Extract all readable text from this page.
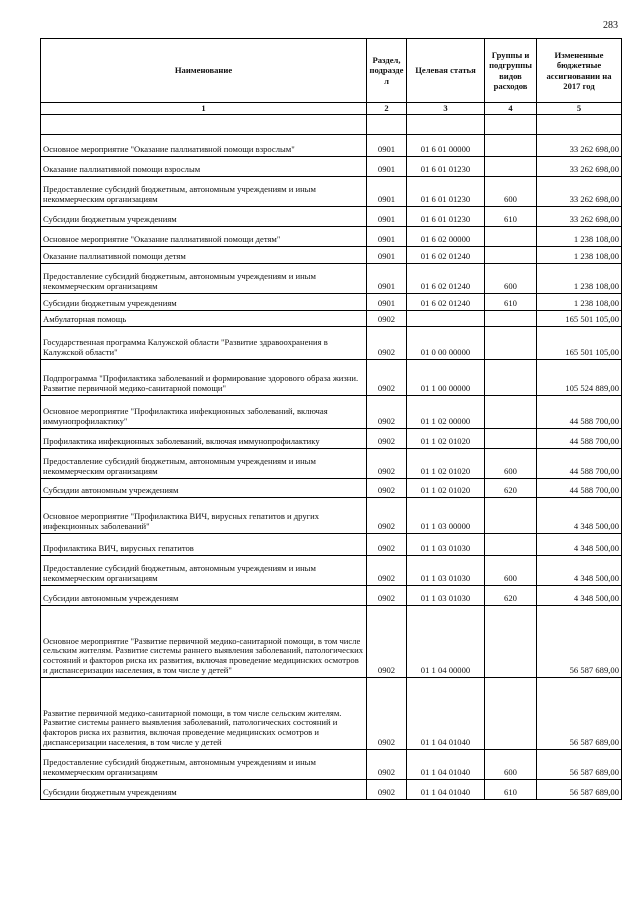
283
Наименование	Раздел, подразде л	Целевая статья	Группы и подгруппы видов расходов	Измененные бюджетные ассигновании на 2017 год
1	2	3	4	5

Основное мероприятие "Оказание паллиативной помощи взрослым"	0901	01 6 01 00000		33 262 698,00
Оказание паллиативной помощи взрослым	0901	01 6 01 01230		33 262 698,00
Предоставление субсидий бюджетным, автономным учреждениям и иным некоммерческим организациям	0901	01 6 01 01230	600	33 262 698,00
Субсидии бюджетным учреждениям	0901	01 6 01 01230	610	33 262 698,00
Основное мероприятие "Оказание паллиативной помощи детям"	0901	01 6 02 00000		1 238 108,00
Оказание паллиативной помощи детям	0901	01 6 02 01240		1 238 108,00
Предоставление субсидий бюджетным, автономным учреждениям и иным некоммерческим организациям	0901	01 6 02 01240	600	1 238 108,00
Субсидии бюджетным учреждениям	0901	01 6 02 01240	610	1 238 108,00
Амбулаторная помощь	0902			165 501 105,00
Государственная программа Калужской области "Развитие здравоохранения в Калужской области"	0902	01 0 00 00000		165 501 105,00
Подпрограмма "Профилактика заболеваний и формирование здорового образа жизни. Развитие первичной медико-санитарной помощи"	0902	01 1 00 00000		105 524 889,00
Основное мероприятие "Профилактика инфекционных заболеваний, включая иммунопрофилактику"	0902	01 1 02 00000		44 588 700,00
Профилактика инфекционных заболеваний, включая иммунопрофилактику	0902	01 1 02 01020		44 588 700,00
Предоставление субсидий бюджетным, автономным учреждениям и иным некоммерческим организациям	0902	01 1 02 01020	600	44 588 700,00
Субсидии автономным учреждениям	0902	01 1 02 01020	620	44 588 700,00
Основное мероприятие "Профилактика ВИЧ, вирусных гепатитов и других инфекционных заболеваний"	0902	01 1 03 00000		4 348 500,00
Профилактика ВИЧ, вирусных гепатитов	0902	01 1 03 01030		4 348 500,00
Предоставление субсидий бюджетным, автономным учреждениям и иным некоммерческим организациям	0902	01 1 03 01030	600	4 348 500,00
Субсидии автономным учреждениям	0902	01 1 03 01030	620	4 348 500,00
Основное мероприятие "Развитие первичной медико-санитарной помощи, в том числе сельским жителям. Развитие системы раннего выявления заболеваний, патологических состояний и факторов риска их развития, включая проведение медицинских осмотров и диспансеризации населения, в том числе у детей"	0902	01 1 04 00000		56 587 689,00
Развитие первичной медико-санитарной помощи, в том числе сельским жителям. Развитие системы раннего выявления заболеваний, патологических состояний и факторов риска их развития, включая проведение медицинских осмотров и диспансеризации населения, в том числе у детей	0902	01 1 04 01040		56 587 689,00
Предоставление субсидий бюджетным, автономным учреждениям и иным некоммерческим организациям	0902	01 1 04 01040	600	56 587 689,00
Субсидии бюджетным учреждениям	0902	01 1 04 01040	610	56 587 689,00
